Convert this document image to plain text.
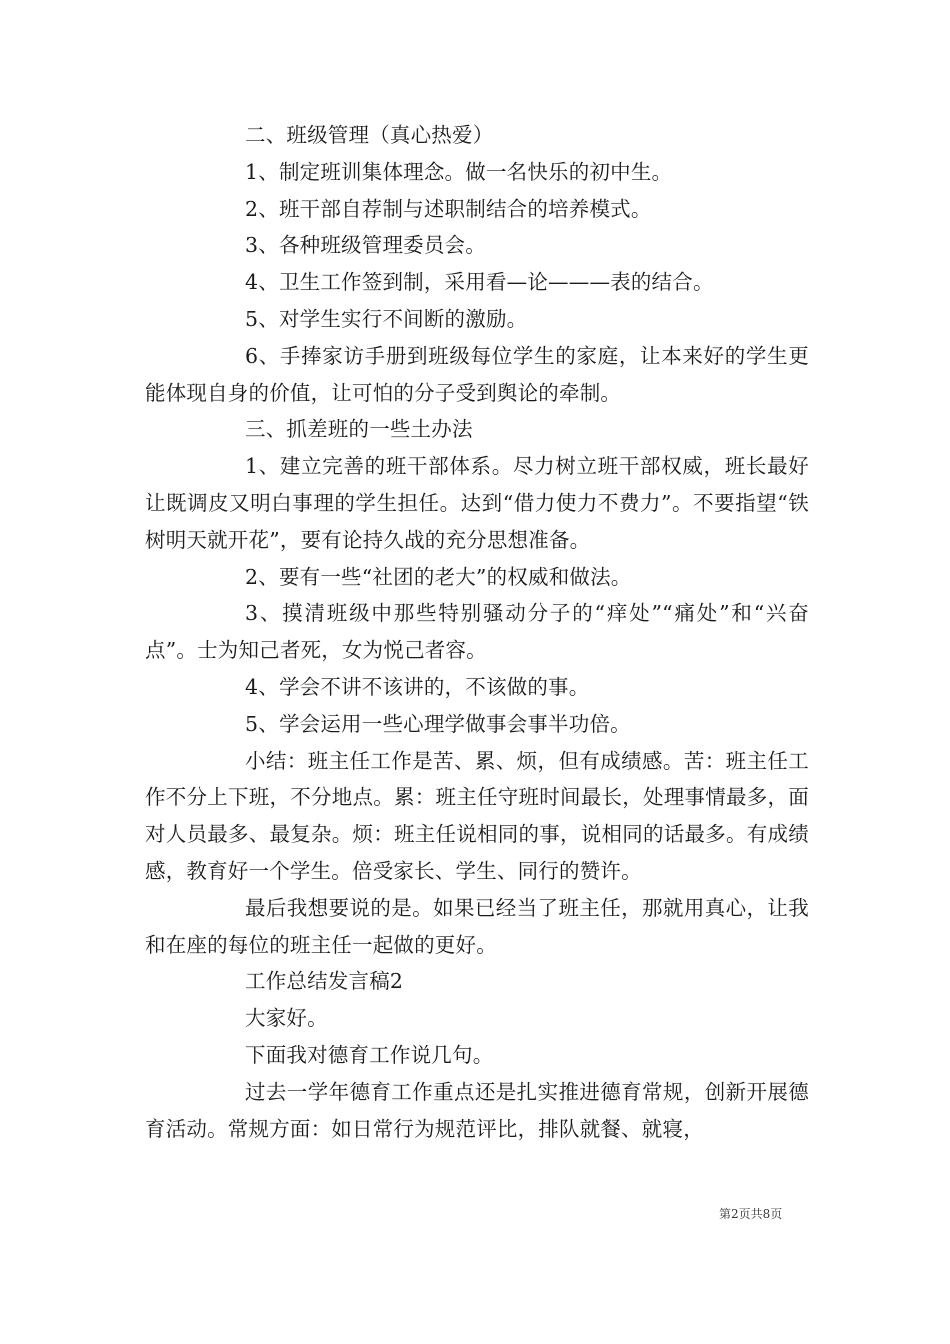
二、班级管理（真心热爱）

1、制定班训集体理念。做一名快乐的初中生。

2、班干部自荐制与述职制结合的培养模式。

3、各种班级管理委员会。

4、卫生工作签到制，采用看—论———表的结合。

5、对学生实行不间断的激励。

6、手捧家访手册到班级每位学生的家庭，让本来好的学生更能体现自身的价值，让可怕的分子受到舆论的牵制。

三、抓差班的一些土办法

1、建立完善的班干部体系。尽力树立班干部权威，班长最好让既调皮又明白事理的学生担任。达到“借力使力不费力”。不要指望“铁树明天就开花”，要有论持久战的充分思想准备。

2、要有一些“社团的老大”的权威和做法。

3、摸清班级中那些特别骚动分子的“痒处”“痛处”和“兴奋点”。士为知己者死，女为悦己者容。

4、学会不讲不该讲的，不该做的事。

5、学会运用一些心理学做事会事半功倍。

小结：班主任工作是苦、累、烦，但有成绩感。苦：班主任工作不分上下班，不分地点。累：班主任守班时间最长，处理事情最多，面对人员最多、最复杂。烦：班主任说相同的事，说相同的话最多。有成绩感，教育好一个学生。倍受家长、学生、同行的赞许。

最后我想要说的是。如果已经当了班主任，那就用真心，让我和在座的每位的班主任一起做的更好。

工作总结发言稿2

大家好。

下面我对德育工作说几句。

过去一学年德育工作重点还是扎实推进德育常规，创新开展德育活动。常规方面：如日常行为规范评比，排队就餐、就寝，

第2页共8页
